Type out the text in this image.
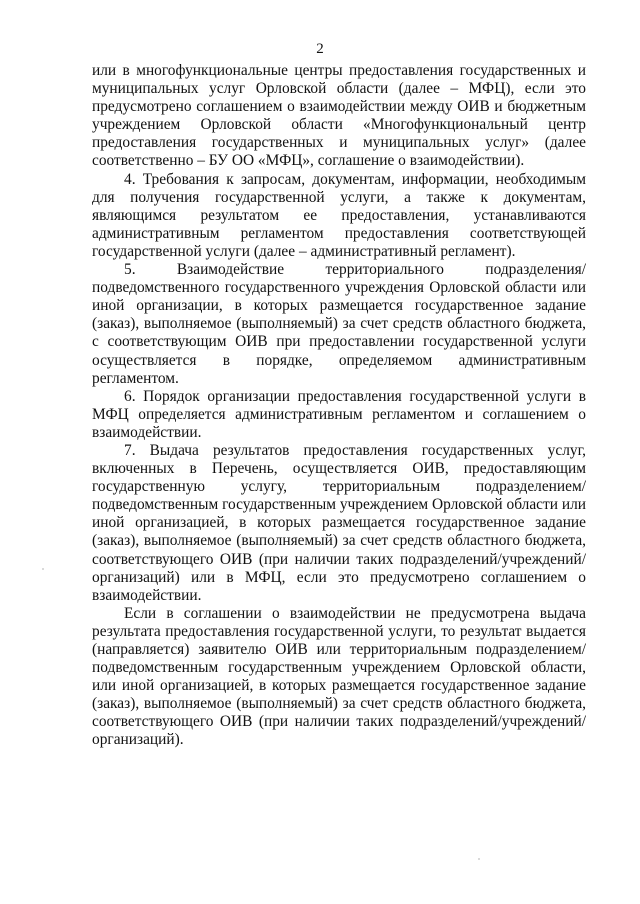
2

или в многофункциональные центры предоставления государственных и муниципальных услуг Орловской области (далее – МФЦ), если это предусмотрено соглашением о взаимодействии между ОИВ и бюджетным учреждением Орловской области «Многофункциональный центр предоставления государственных и муниципальных услуг» (далее соответственно – БУ ОО «МФЦ», соглашение о взаимодействии).

4. Требования к запросам, документам, информации, необходимым для получения государственной услуги, а также к документам, являющимся результатом ее предоставления, устанавливаются административным регламентом предоставления соответствующей государственной услуги (далее – административный регламент).

5. Взаимодействие территориального подразделения/ подведомственного государственного учреждения Орловской области или иной организации, в которых размещается государственное задание (заказ), выполняемое (выполняемый) за счет средств областного бюджета, с соответствующим ОИВ при предоставлении государственной услуги осуществляется в порядке, определяемом административным регламентом.

6. Порядок организации предоставления государственной услуги в МФЦ определяется административным регламентом и соглашением о взаимодействии.

7. Выдача результатов предоставления государственных услуг, включенных в Перечень, осуществляется ОИВ, предоставляющим государственную услугу, территориальным подразделением/ подведомственным государственным учреждением Орловской области или иной организацией, в которых размещается государственное задание (заказ), выполняемое (выполняемый) за счет средств областного бюджета, соответствующего ОИВ (при наличии таких подразделений/учреждений/ организаций) или в МФЦ, если это предусмотрено соглашением о взаимодействии.

Если в соглашении о взаимодействии не предусмотрена выдача результата предоставления государственной услуги, то результат выдается (направляется) заявителю ОИВ или территориальным подразделением/подведомственным государственным учреждением Орловской области, или иной организацией, в которых размещается государственное задание (заказ), выполняемое (выполняемый) за счет средств областного бюджета, соответствующего ОИВ (при наличии таких подразделений/учреждений/организаций).
